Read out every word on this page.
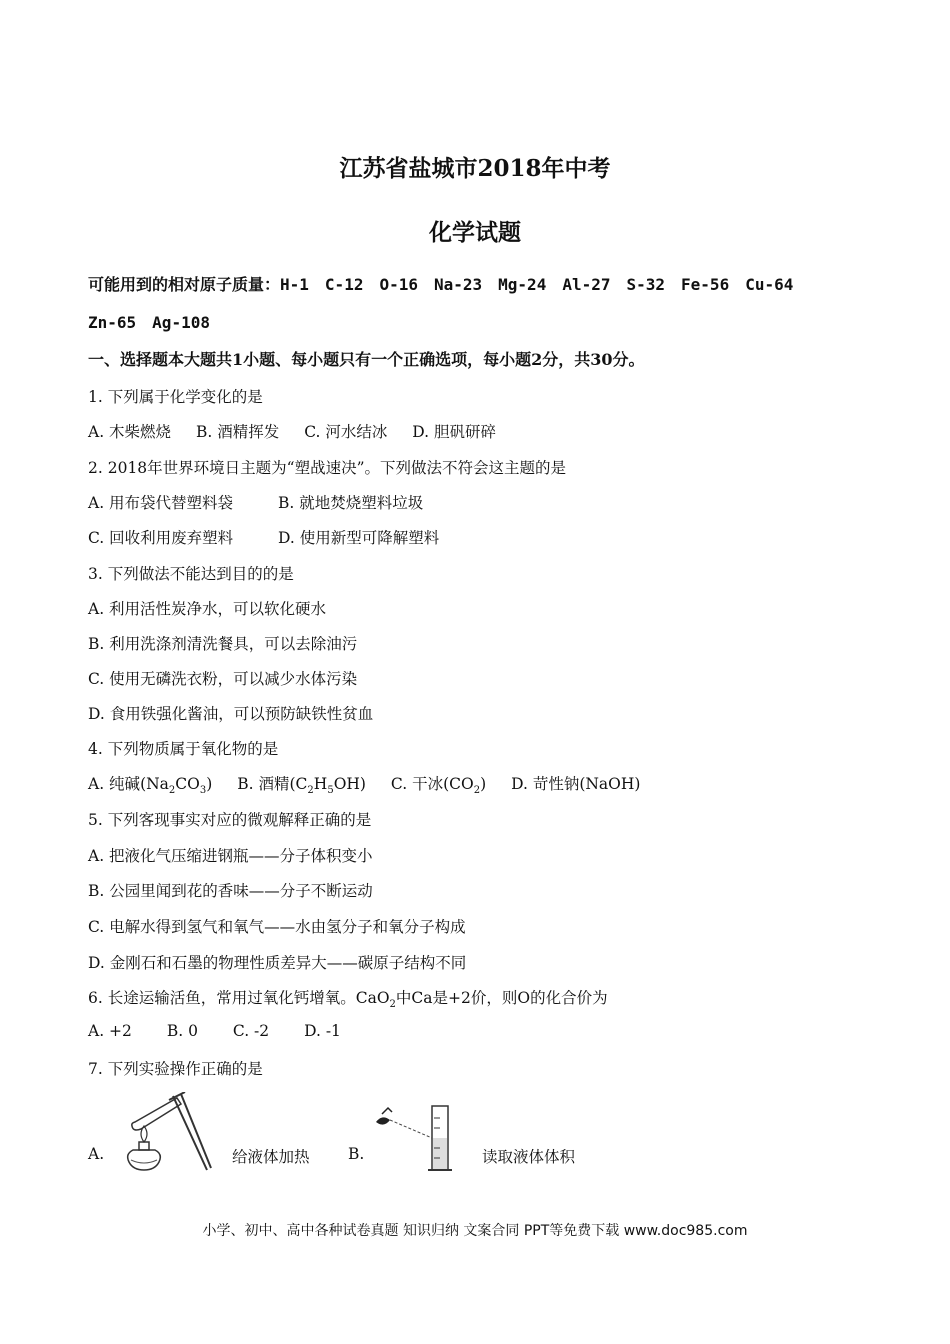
江苏省盐城市2018年中考
化学试题
可能用到的相对原子质量：H-1 C-12 O-16 Na-23 Mg-24 Al-27 S-32 Fe-56 Cu-64
Zn-65 Ag-108
一、选择题本大题共1小题、每小题只有一个正确选项，每小题2分，共30分。
1. 下列属于化学变化的是
A. 木柴燃烧 B. 酒精挥发 C. 河水结冰 D. 胆矾研碎
2. 2018年世界环境日主题为“塑战速决”。下列做法不符会这主题的是
A. 用布袋代替塑料袋	B. 就地焚烧塑料垃圾
C. 回收利用废弃塑料	D. 使用新型可降解塑料
3. 下列做法不能达到目的的是
A. 利用活性炭净水，可以软化硬水
B. 利用洗涤剂清洗餐具，可以去除油污
C. 使用无磷洗衣粉，可以减少水体污染
D. 食用铁强化酱油，可以预防缺铁性贫血
4. 下列物质属于氧化物的是
A. 纯碱$(Na_2CO_3)$ B. 酒精$(C_2H_5OH)$ C. 干冰$(CO_2)$ D. 苛性钠(NaOH)
5. 下列客现事实对应的微观解释正确的是
A. 把液化气压缩进钢瓶——分子体积变小
B. 公园里闻到花的香味——分子不断运动
C. 电解水得到氢气和氧气——水由氢分子和氧分子构成
D. 金刚石和石墨的物理性质差异大——碳原子结构不同
6. 长途运输活鱼，常用过氧化钙增氧。CaO$_2$中Ca是+2价，则O的化合价为
A. +2 B. 0 C. -2 D. -1
7. 下列实验操作正确的是
A.	给液体加热 B.	读取液体体积
小学、初中、高中各种试卷真题 知识归纳 文案合同 PPT等免费下载 www.doc985.com
